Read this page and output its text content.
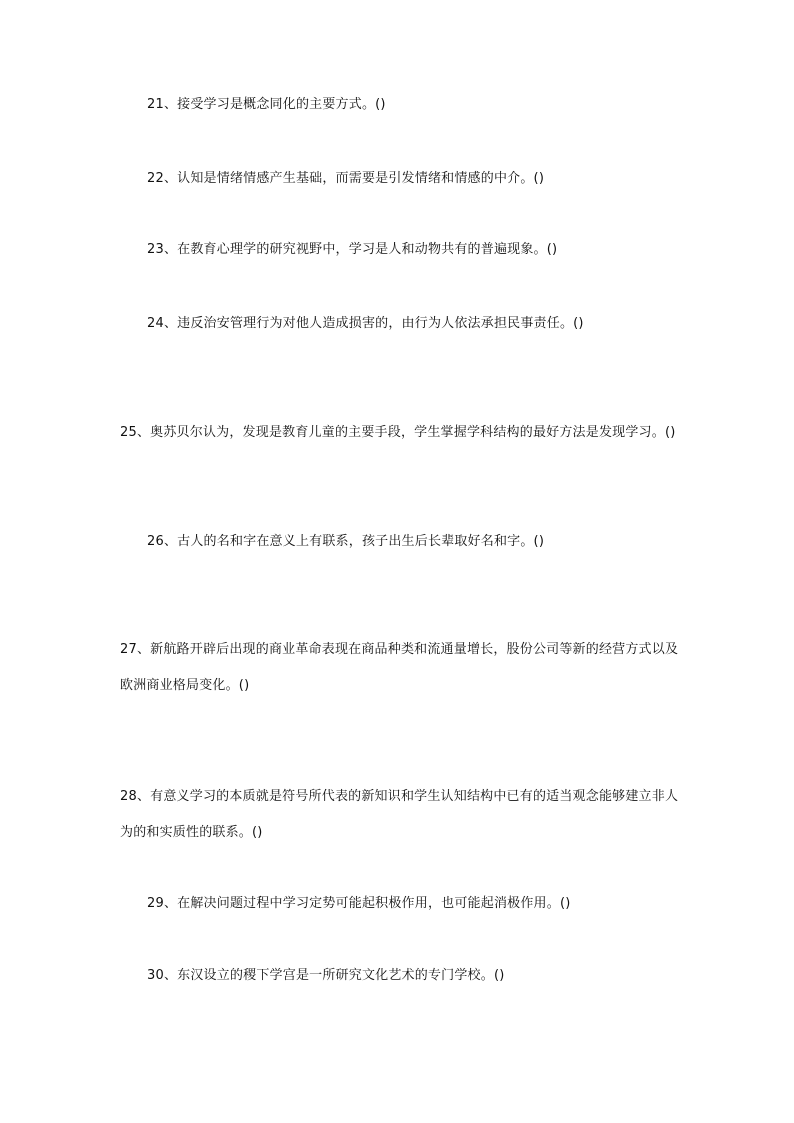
21、接受学习是概念同化的主要方式。()

22、认知是情绪情感产生基础，而需要是引发情绪和情感的中介。()

23、在教育心理学的研究视野中，学习是人和动物共有的普遍现象。()

24、违反治安管理行为对他人造成损害的，由行为人依法承担民事责任。()

25、奥苏贝尔认为，发现是教育儿童的主要手段，学生掌握学科结构的最好方法是发现学习。()

26、古人的名和字在意义上有联系，孩子出生后长辈取好名和字。()

27、新航路开辟后出现的商业革命表现在商品种类和流通量增长，股份公司等新的经营方式以及欧洲商业格局变化。()

28、有意义学习的本质就是符号所代表的新知识和学生认知结构中已有的适当观念能够建立非人为的和实质性的联系。()

29、在解决问题过程中学习定势可能起积极作用，也可能起消极作用。()

30、东汉设立的稷下学宫是一所研究文化艺术的专门学校。()
